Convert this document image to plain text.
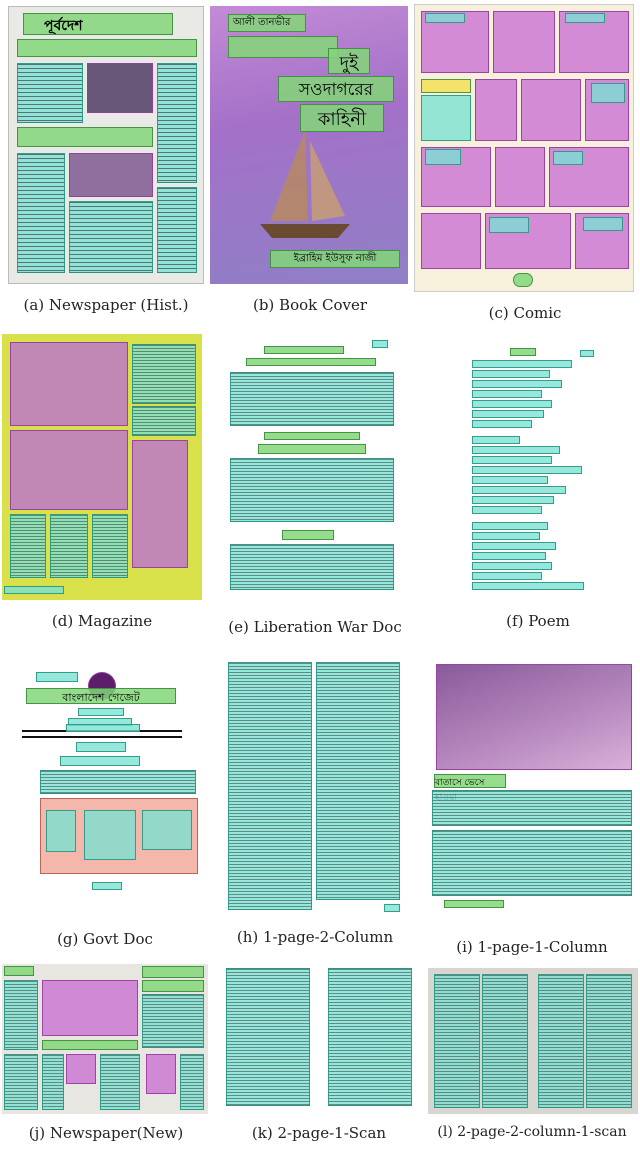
পূর্বদেশ
(a) Newspaper (Hist.)
আলী তানভীর
দুই
সওদাগরের
কাহিনী
ইব্রাহিম ইউসুফ নাজী
(b) Book Cover	(c) Comic
(d) Magazine	(e) Liberation War Doc	(f) Poem
বাংলাদেশ গেজেট
(g) Govt Doc	(h) 1-page-2-Column
বাতাসে ভেসে
(i) 1-page-1-Column
(j) Newspaper(New)	(k) 2-page-1-Scan	(l) 2-page-2-column-1-scan
